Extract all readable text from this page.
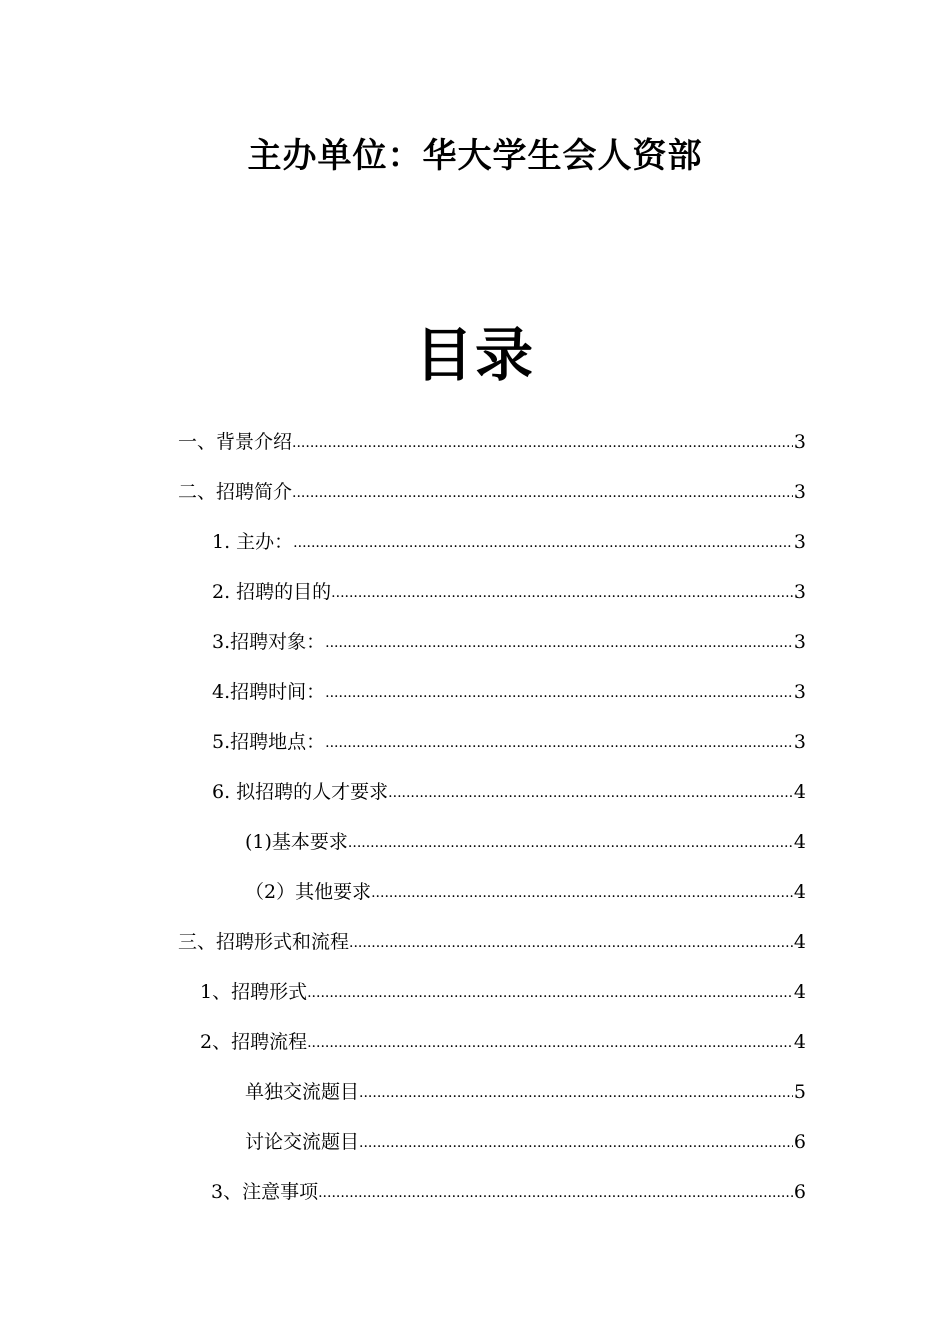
主办单位：华大学生会人资部
目录
一、背景介绍 .....	3
二、招聘简介 .....	3
1. 主办： .....	3
2. 招聘的目的 .....	3
3.招聘对象： .....	3
4.招聘时间： .....	3
5.招聘地点： .....	3
6. 拟招聘的人才要求 .....	4
(1)基本要求 .....	4
（2）其他要求 .....	4
三、招聘形式和流程 .....	4
1、招聘形式 .....	4
2、招聘流程 .....	4
单独交流题目 .....	5
讨论交流题目 .....	6
3、注意事项 .....	6
